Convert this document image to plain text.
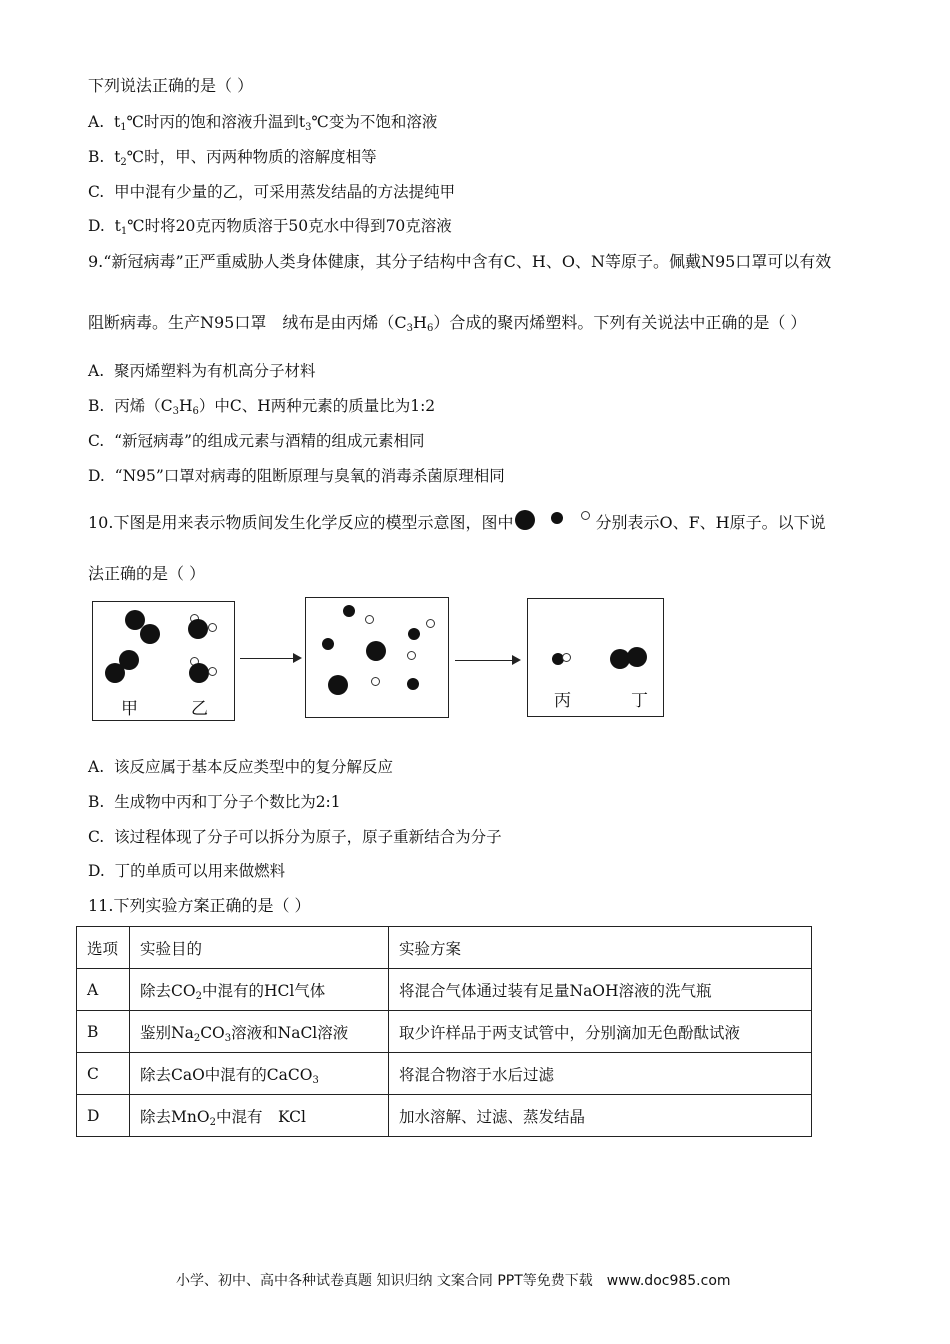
下列说法正确的是（ ）
A. $t_1℃$时丙的饱和溶液升温到$t_3℃$变为不饱和溶液
B. $t_2℃$时，甲、丙两种物质的溶解度相等
C. 甲中混有少量的乙，可采用蒸发结晶的方法提纯甲
D. $t_1℃$时将20克丙物质溶于50克水中得到70克溶液
9.“新冠病毒”正严重威胁人类身体健康，其分子结构中含有C、H、O、N等原子。佩戴N95口罩可以有效
阻断病毒。生产N95口罩　绒布是由丙烯$(C_3H_6)$合成的聚丙烯塑料。下列有关说法中正确的是（ ）
A. 聚丙烯塑料为有机高分子材料
B. 丙烯$(C_3H_6)$中C、H两种元素的质量比为1:2
C. “新冠病毒”的组成元素与酒精的组成元素相同
D. “N95”口罩对病毒的阻断原理与臭氧的消毒杀菌原理相同
10.下图是用来表示物质间发生化学反应的模型示意图，图中	分别表示O、F、H原子。以下说
法正确的是（ ）
甲	乙	丙	丁
A. 该反应属于基本反应类型中的复分解反应
B. 生成物中丙和丁分子个数比为2:1
C. 该过程体现了分子可以拆分为原子，原子重新结合为分子
D. 丁的单质可以用来做燃料
11.下列实验方案正确的是（ ）
选项	实验目的	实验方案
A	除去$CO_2$中混有的HCl气体	将混合气体通过装有足量NaOH溶液的洗气瓶
B	鉴别$Na_2CO_3$溶液和NaCl溶液	取少许样品于两支试管中，分别滴加无色酚酞试液
C	除去CaO中混有的CaCO$_3$	将混合物溶于水后过滤
D	除去MnO$_2$中混有　KCl	加水溶解、过滤、蒸发结晶
小学、初中、高中各种试卷真题 知识归纳 文案合同 PPT等免费下载　www.doc985.com
